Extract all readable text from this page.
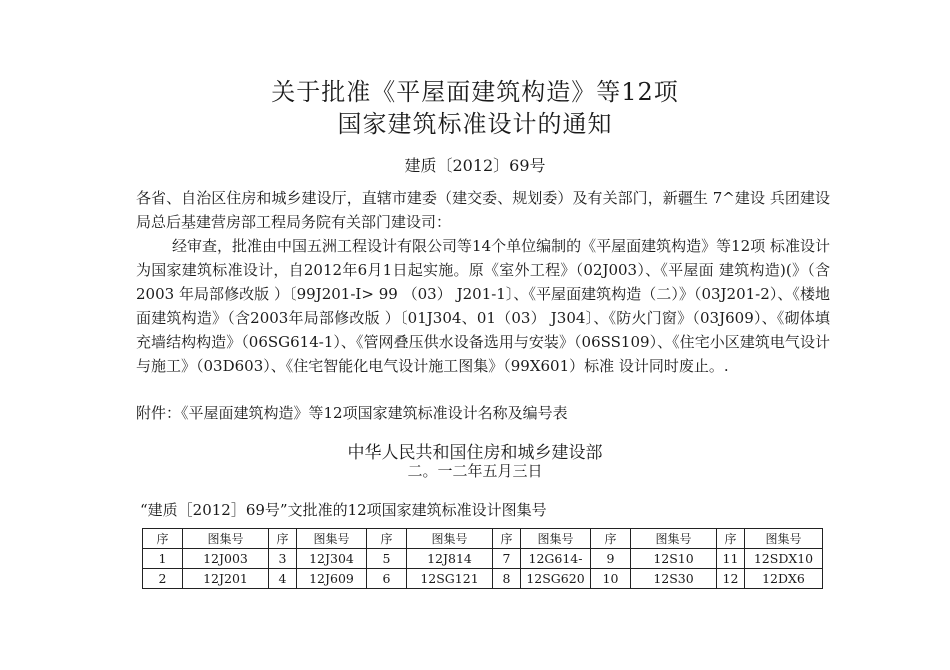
关于批准《平屋面建筑构造》等12项
国家建筑标准设计的通知
建质〔2012〕69号
各省、自治区住房和城乡建设厅，直辖市建委（建交委、规划委）及有关部门，新疆生 7^建设 兵团建设局总后基建营房部工程局务院有关部门建设司：
经审查，批准由中国五洲工程设计有限公司等14个单位编制的《平屋面建筑构造》等12项 标准设计为国家建筑标准设计，自2012年6月1日起实施。原《室外工程》（02J003）、《平屋面 建筑构造)(》（含 2003 年局部修改版 ）〔99J201-I> 99 （03） J201-1〕、《平屋面建筑构造（二）》（03J201-2）、《楼地面建筑构造》（含2003年局部修改版 ）〔01J304、01（03） J304〕、《防火门窗》（03J609）、《砌体填充墙结构构造》（06SG614-1）、《管网叠压供水设备选用与安装》（06SS109）、《住宅小区建筑电气设计与施工》（03D603）、《住宅智能化电气设计施工图集》（99X601）标准 设计同时废止。.
附件：《平屋面建筑构造》等12项国家建筑标准设计名称及编号表
中华人民共和国住房和城乡建设部
二。一二年五月三日
“建质［2012］69号”文批准的12项国家建筑标准设计图集号
序	图集号	序	图集号	序	图集号	序	图集号	序	图集号	序	图集号
1	12J003	3	12J304	5	12J814	7	12G614-	9	12S10	11	12SDX10
2	12J201	4	12J609	6	12SG121	8	12SG620	10	12S30	12	12DX6
